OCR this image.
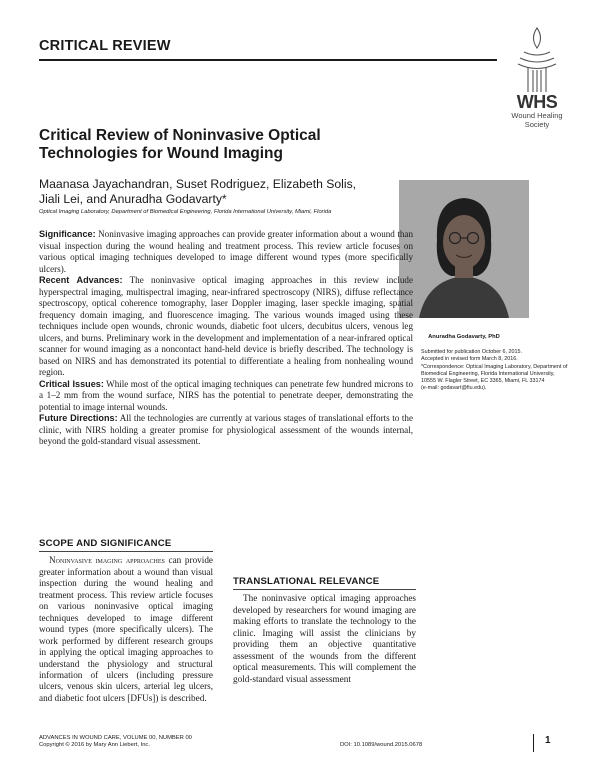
CRITICAL REVIEW
WHS
Wound Healing Society
Critical Review of Noninvasive Optical Technologies for Wound Imaging
Maanasa Jayachandran, Suset Rodriguez, Elizabeth Solis,
Jiali Lei, and Anuradha Godavarty*
Optical Imaging Laboratory, Department of Biomedical Engineering, Florida International University, Miami, Florida
Anuradha Godavarty, PhD
Submitted for publication October 6, 2015.
Accepted in revised form March 8, 2016.
*Correspondence: Optical Imaging Laboratory, Department of Biomedical Engineering, Florida International University, 10555 W. Flagler Street, EC 3365, Miami, FL 33174
(e-mail: godavart@fiu.edu).

Significance: Noninvasive imaging approaches can provide greater information about a wound than visual inspection during the wound healing and treatment process. This review article focuses on various optical imaging techniques developed to image different wound types (more specifically ulcers).

Recent Advances: The noninvasive optical imaging approaches in this review include hyperspectral imaging, multispectral imaging, near-infrared spectroscopy (NIRS), diffuse reflectance spectroscopy, optical coherence tomography, laser Doppler imaging, laser speckle imaging, spatial frequency domain imaging, and fluorescence imaging. The various wounds imaged using these techniques include open wounds, chronic wounds, diabetic foot ulcers, decubitus ulcers, venous leg ulcers, and burns. Preliminary work in the development and implementation of a near-infrared optical scanner for wound imaging as a noncontact hand-held device is briefly described. The technology is based on NIRS and has demonstrated its potential to differentiate a healing from nonhealing wound region.

Critical Issues: While most of the optical imaging techniques can penetrate few hundred microns to a 1–2 mm from the wound surface, NIRS has the potential to penetrate deeper, demonstrating the potential to image internal wounds.

Future Directions: All the technologies are currently at various stages of translational efforts to the clinic, with NIRS holding a greater promise for physiological assessment of the wounds internal, beyond the gold-standard visual assessment.

SCOPE AND SIGNIFICANCE
Noninvasive imaging approaches can provide greater information about a wound than visual inspection during the wound healing and treatment process. This review article focuses on various noninvasive optical imaging techniques developed to image different wound types (more specifically ulcers). The work performed by different research groups in applying the optical imaging approaches to understand the physiology and structural information of ulcers (including pressure ulcers, venous skin ulcers, arterial leg ulcers, and diabetic foot ulcers [DFUs]) is described.
TRANSLATIONAL RELEVANCE
The noninvasive optical imaging approaches developed by researchers for wound imaging are making efforts to translate the technology to the clinic. Imaging will assist the clinicians by providing them an objective quantitative assessment of the wounds from the different optical measurements. This will complement the gold-standard visual assessment
ADVANCES IN WOUND CARE, VOLUME 00, NUMBER 00
Copyright © 2016 by Mary Ann Liebert, Inc.	DOI: 10.1089/wound.2015.0678	1
